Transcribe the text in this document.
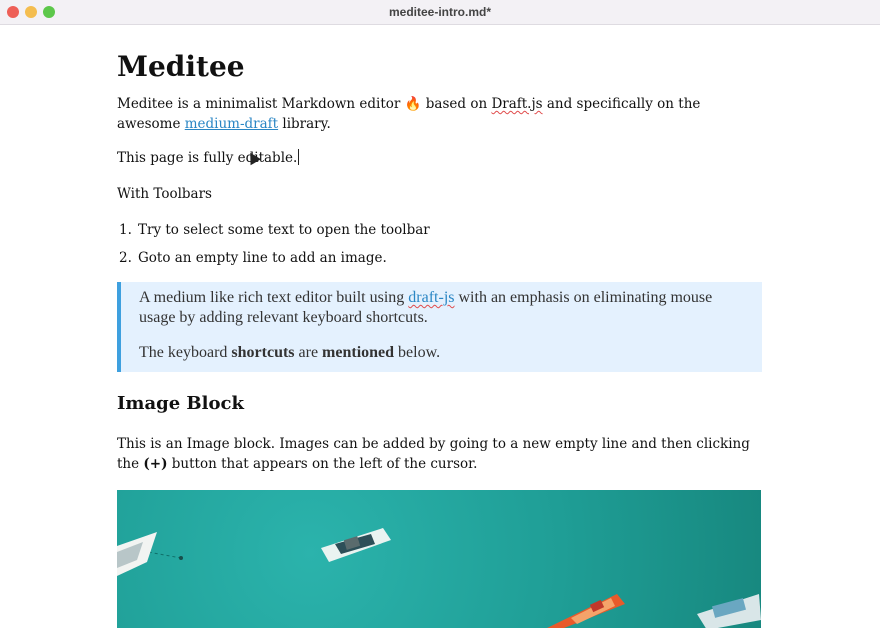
meditee-intro.md*
Meditee

Meditee is a minimalist Markdown editor 🔥 based on Draft.js and specifically on the awesome medium-draft library.

This page is fully editable.

With Toolbars

1. Try to select some text to open the toolbar
2. Goto an empty line to add an image.

A medium like rich text editor built using draft-js with an emphasis on eliminating mouse usage by adding relevant keyboard shortcuts.

The keyboard shortcuts are mentioned below.

Image Block

This is an Image block. Images can be added by going to a new empty line and then clicking the (+) button that appears on the left of the cursor.
